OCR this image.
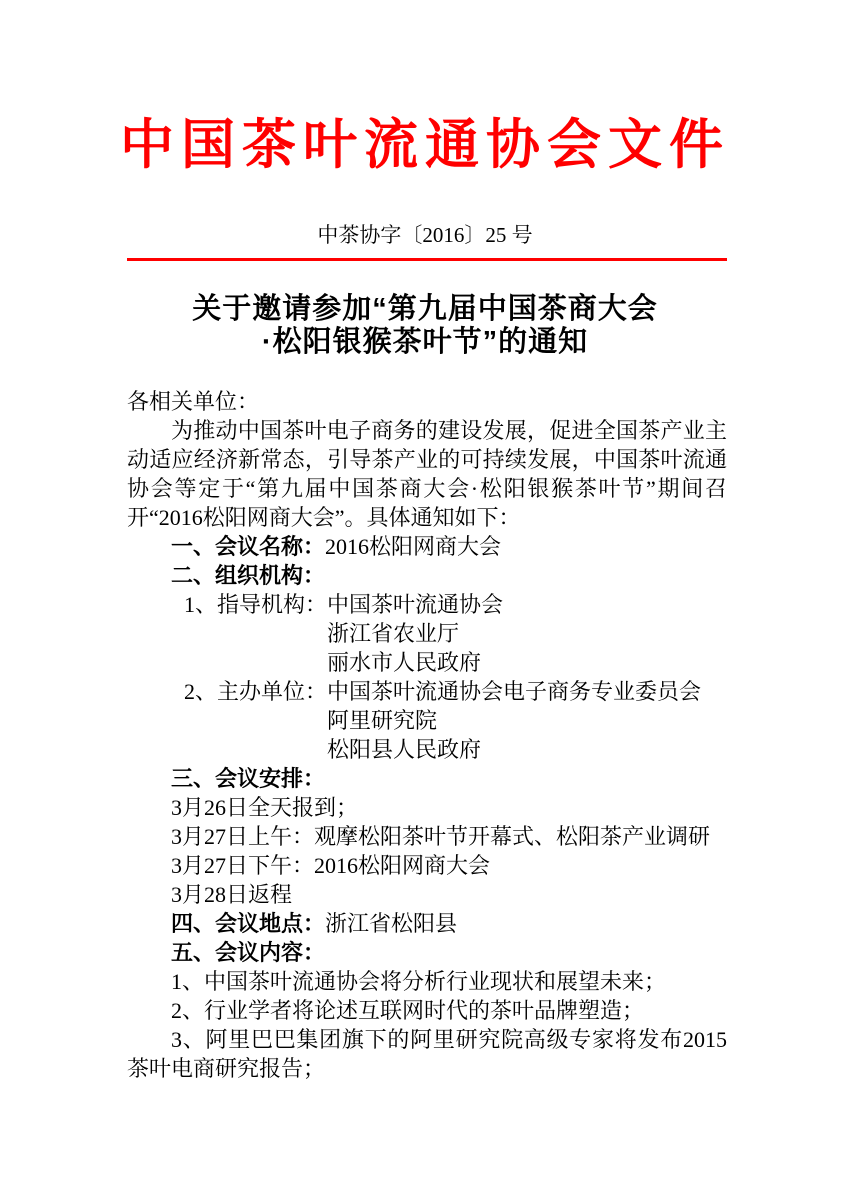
中国茶叶流通协会文件
中茶协字〔2016〕25 号
关于邀请参加“第九届中国茶商大会
·松阳银猴茶叶节”的通知

各相关单位：

为推动中国茶叶电子商务的建设发展，促进全国茶产业主动适应经济新常态，引导茶产业的可持续发展，中国茶叶流通协会等定于“第九届中国茶商大会·松阳银猴茶叶节”期间召开“2016松阳网商大会”。具体通知如下：

一、会议名称：2016松阳网商大会
二、组织机构：
1、指导机构： 中国茶叶流通协会
浙江省农业厅
丽水市人民政府
2、主办单位： 中国茶叶流通协会电子商务专业委员会
阿里研究院
松阳县人民政府
三、会议安排：
3月26日全天报到；
3月27日上午：观摩松阳茶叶节开幕式、松阳茶产业调研
3月27日下午：2016松阳网商大会
3月28日返程
四、会议地点：浙江省松阳县
五、会议内容：

1、中国茶叶流通协会将分析行业现状和展望未来；

2、行业学者将论述互联网时代的茶叶品牌塑造；

3、阿里巴巴集团旗下的阿里研究院高级专家将发布2015茶叶电商研究报告；
